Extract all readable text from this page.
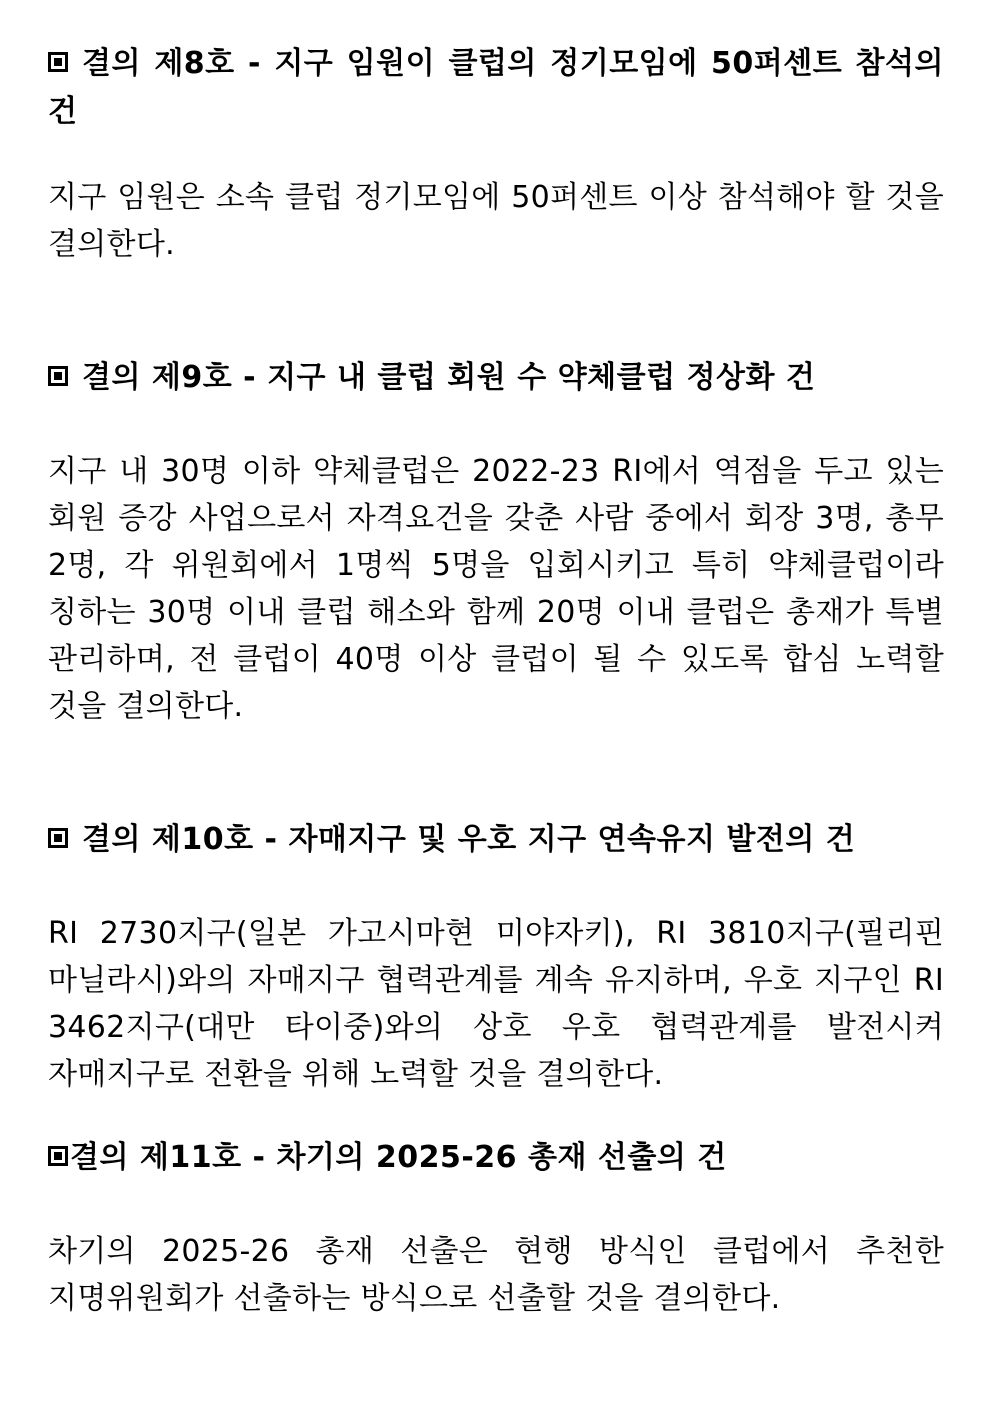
결의 제8호 - 지구 임원이 클럽의 정기모임에 50퍼센트 참석의 건

지구 임원은 소속 클럽 정기모임에 50퍼센트 이상 참석해야 할 것을 결의한다.

결의 제9호 - 지구 내 클럽 회원 수 약체클럽 정상화 건

지구 내 30명 이하 약체클럽은 2022-23 RI에서 역점을 두고 있는 회원 증강 사업으로서 자격요건을 갖춘 사람 중에서 회장 3명, 총무 2명, 각 위원회에서 1명씩 5명을 입회시키고 특히 약체클럽이라 칭하는 30명 이내 클럽 해소와 함께 20명 이내 클럽은 총재가 특별 관리하며, 전 클럽이 40명 이상 클럽이 될 수 있도록 합심 노력할 것을 결의한다.

결의 제10호 - 자매지구 및 우호 지구 연속유지 발전의 건

RI 2730지구(일본 가고시마현 미야자키), RI 3810지구(필리핀 마닐라시)와의 자매지구 협력관계를 계속 유지하며, 우호 지구인 RI 3462지구(대만 타이중)와의 상호 우호 협력관계를 발전시켜 자매지구로 전환을 위해 노력할 것을 결의한다.

결의 제11호 - 차기의 2025-26 총재 선출의 건

차기의 2025-26 총재 선출은 현행 방식인 클럽에서 추천한 지명위원회가 선출하는 방식으로 선출할 것을 결의한다.
